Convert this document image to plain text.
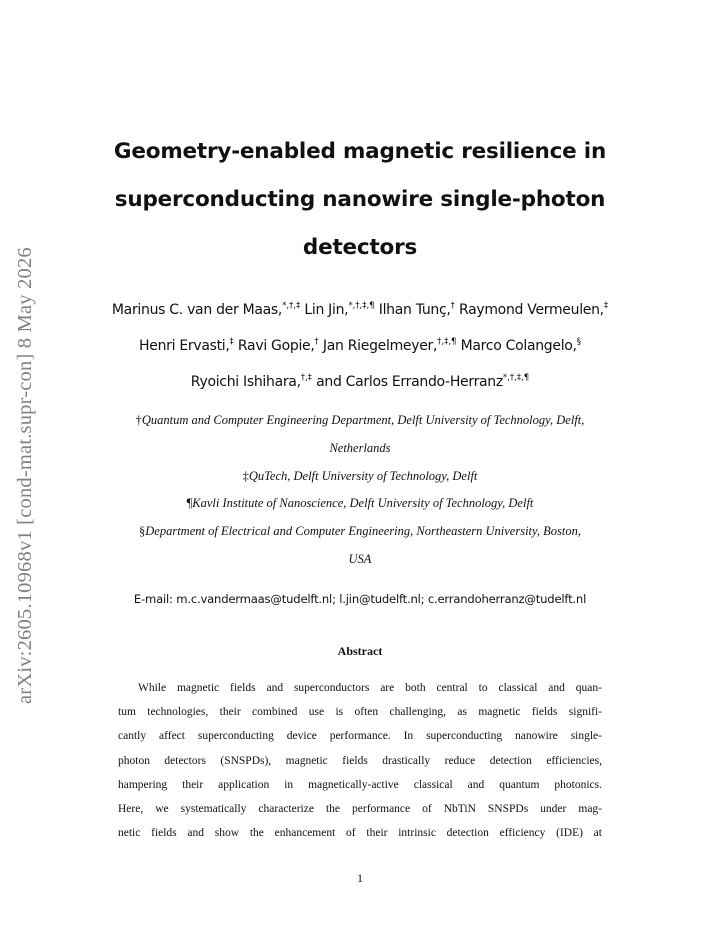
arXiv:2605.10968v1 [cond-mat.supr-con] 8 May 2026
Geometry-enabled magnetic resilience in
superconducting nanowire single-photon
detectors
Marinus C. van der Maas,*,†,‡ Lin Jin,*,†,‡,¶ Ilhan Tunç,† Raymond Vermeulen,‡
Henri Ervasti,‡ Ravi Gopie,† Jan Riegelmeyer,†,‡,¶ Marco Colangelo,§
Ryoichi Ishihara,†,‡ and Carlos Errando-Herranz*,†,‡,¶
†Quantum and Computer Engineering Department, Delft University of Technology, Delft,
Netherlands
‡QuTech, Delft University of Technology, Delft
¶Kavli Institute of Nanoscience, Delft University of Technology, Delft
§Department of Electrical and Computer Engineering, Northeastern University, Boston,
USA
E-mail: m.c.vandermaas@tudelft.nl; l.jin@tudelft.nl; c.errandoherranz@tudelft.nl
Abstract
While magnetic fields and superconductors are both central to classical and quan-
tum technologies, their combined use is often challenging, as magnetic fields signifi-
cantly affect superconducting device performance. In superconducting nanowire single-
photon detectors (SNSPDs), magnetic fields drastically reduce detection efficiencies,
hampering their application in magnetically-active classical and quantum photonics.
Here, we systematically characterize the performance of NbTiN SNSPDs under mag-
netic fields and show the enhancement of their intrinsic detection efficiency (IDE) at
1
